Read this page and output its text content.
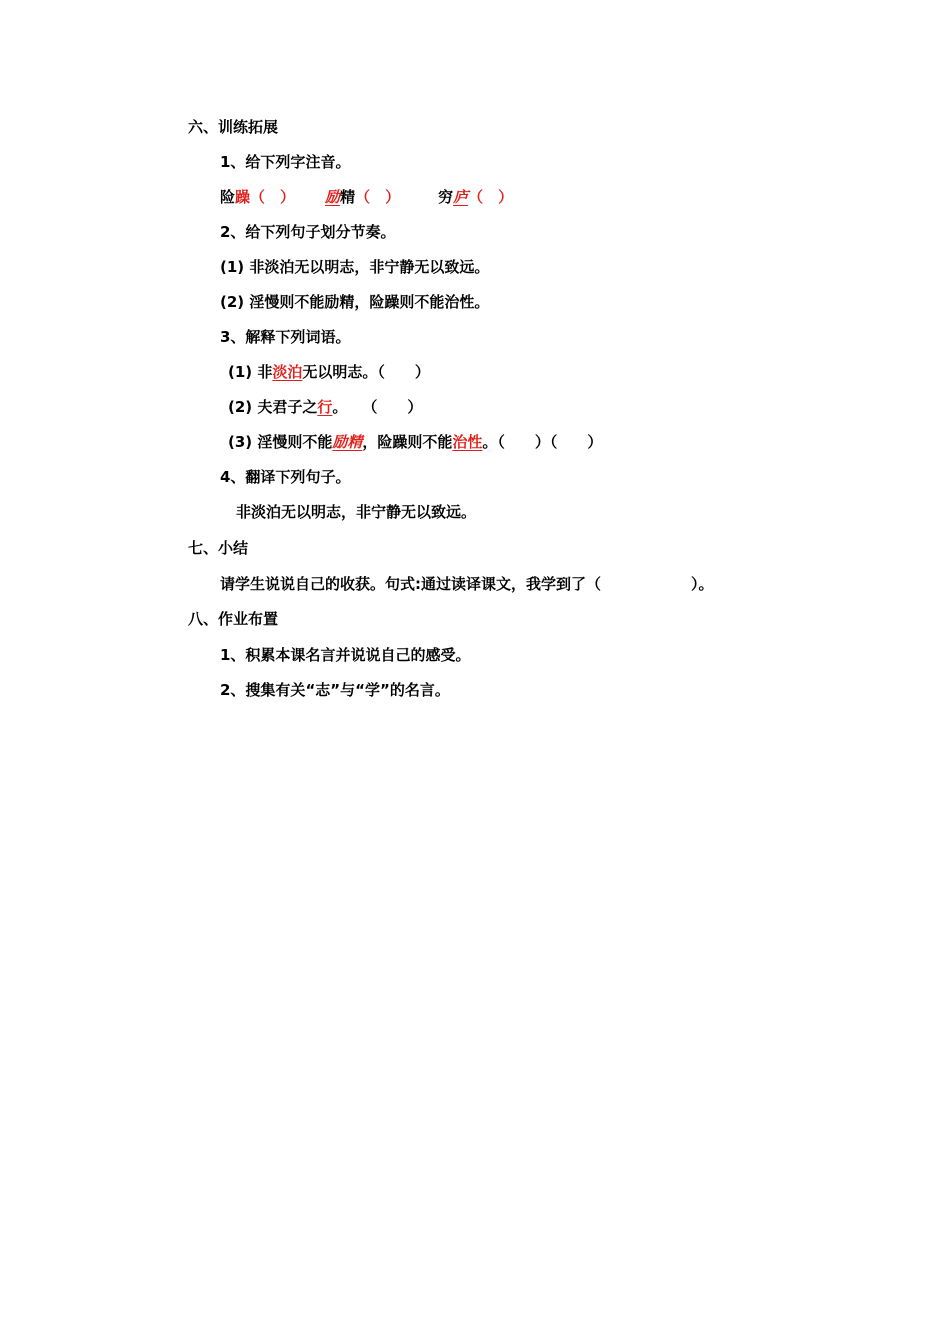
六、训练拓展
1、给下列字注音。
险躁（　） 励精（　）	穷庐（　）
2、给下列句子划分节奏。
(1) 非淡泊无以明志，非宁静无以致远。
(2) 淫慢则不能励精，险躁则不能治性。
3、解释下列词语。
(1) 非淡泊无以明志。（　　）
(2) 夫君子之行。　　（　　）
(3) 淫慢则不能励精，险躁则不能治性。（　　）（　　）
4、翻译下列句子。
非淡泊无以明志，非宁静无以致远。
七、小结
请学生说说自己的收获。句式:通过读译课文，我学到了（　　　　　　）。
八、作业布置
1、积累本课名言并说说自己的感受。
2、搜集有关“志”与“学”的名言。
